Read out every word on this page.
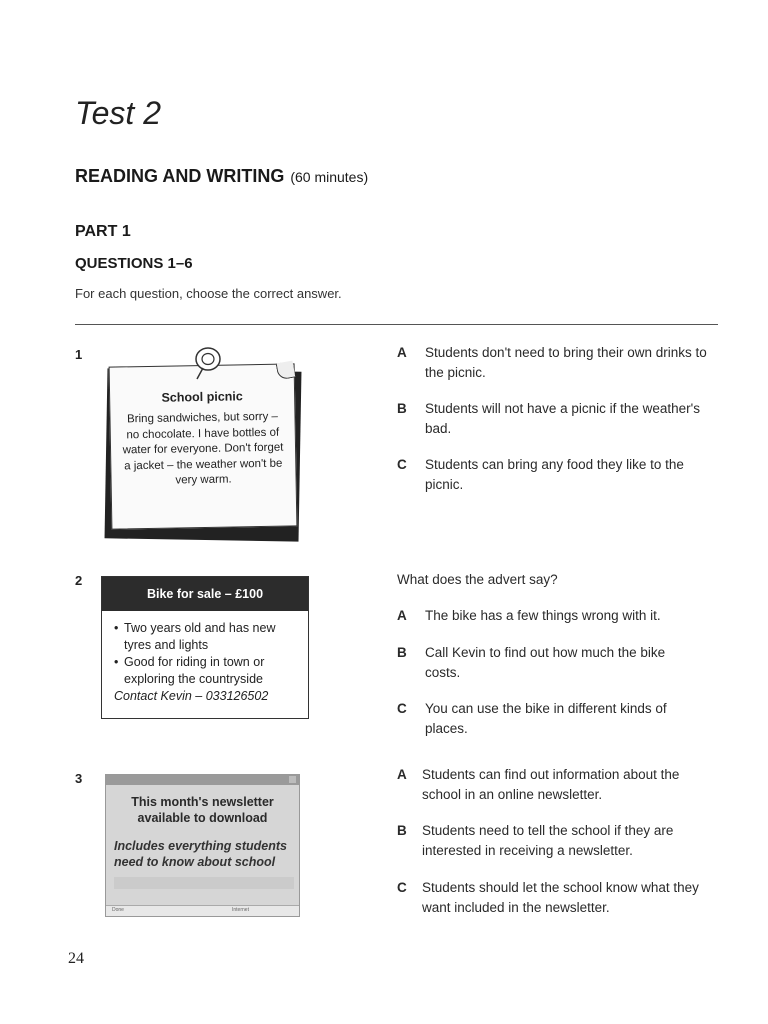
Test 2
READING AND WRITING (60 minutes)
PART 1
QUESTIONS 1–6
For each question, choose the correct answer.
1
School picnic
Bring sandwiches, but sorry – no chocolate. I have bottles of water for everyone. Don't forget a jacket – the weather won't be very warm.
A	Students don't need to bring their own drinks to the picnic.
B	Students will not have a picnic if the weather's bad.
C	Students can bring any food they like to the picnic.
2
Bike for sale – £100
• Two years old and has new tyres and lights
• Good for riding in town or exploring the countryside
Contact Kevin – 033126502
What does the advert say?
A	The bike has a few things wrong with it.
B	Call Kevin to find out how much the bike costs.
C	You can use the bike in different kinds of places.
3
This month's newsletter available to download
Includes everything students need to know about school
Done	Internet
A	Students can find out information about the school in an online newsletter.
B	Students need to tell the school if they are interested in receiving a newsletter.
C	Students should let the school know what they want included in the newsletter.
24
